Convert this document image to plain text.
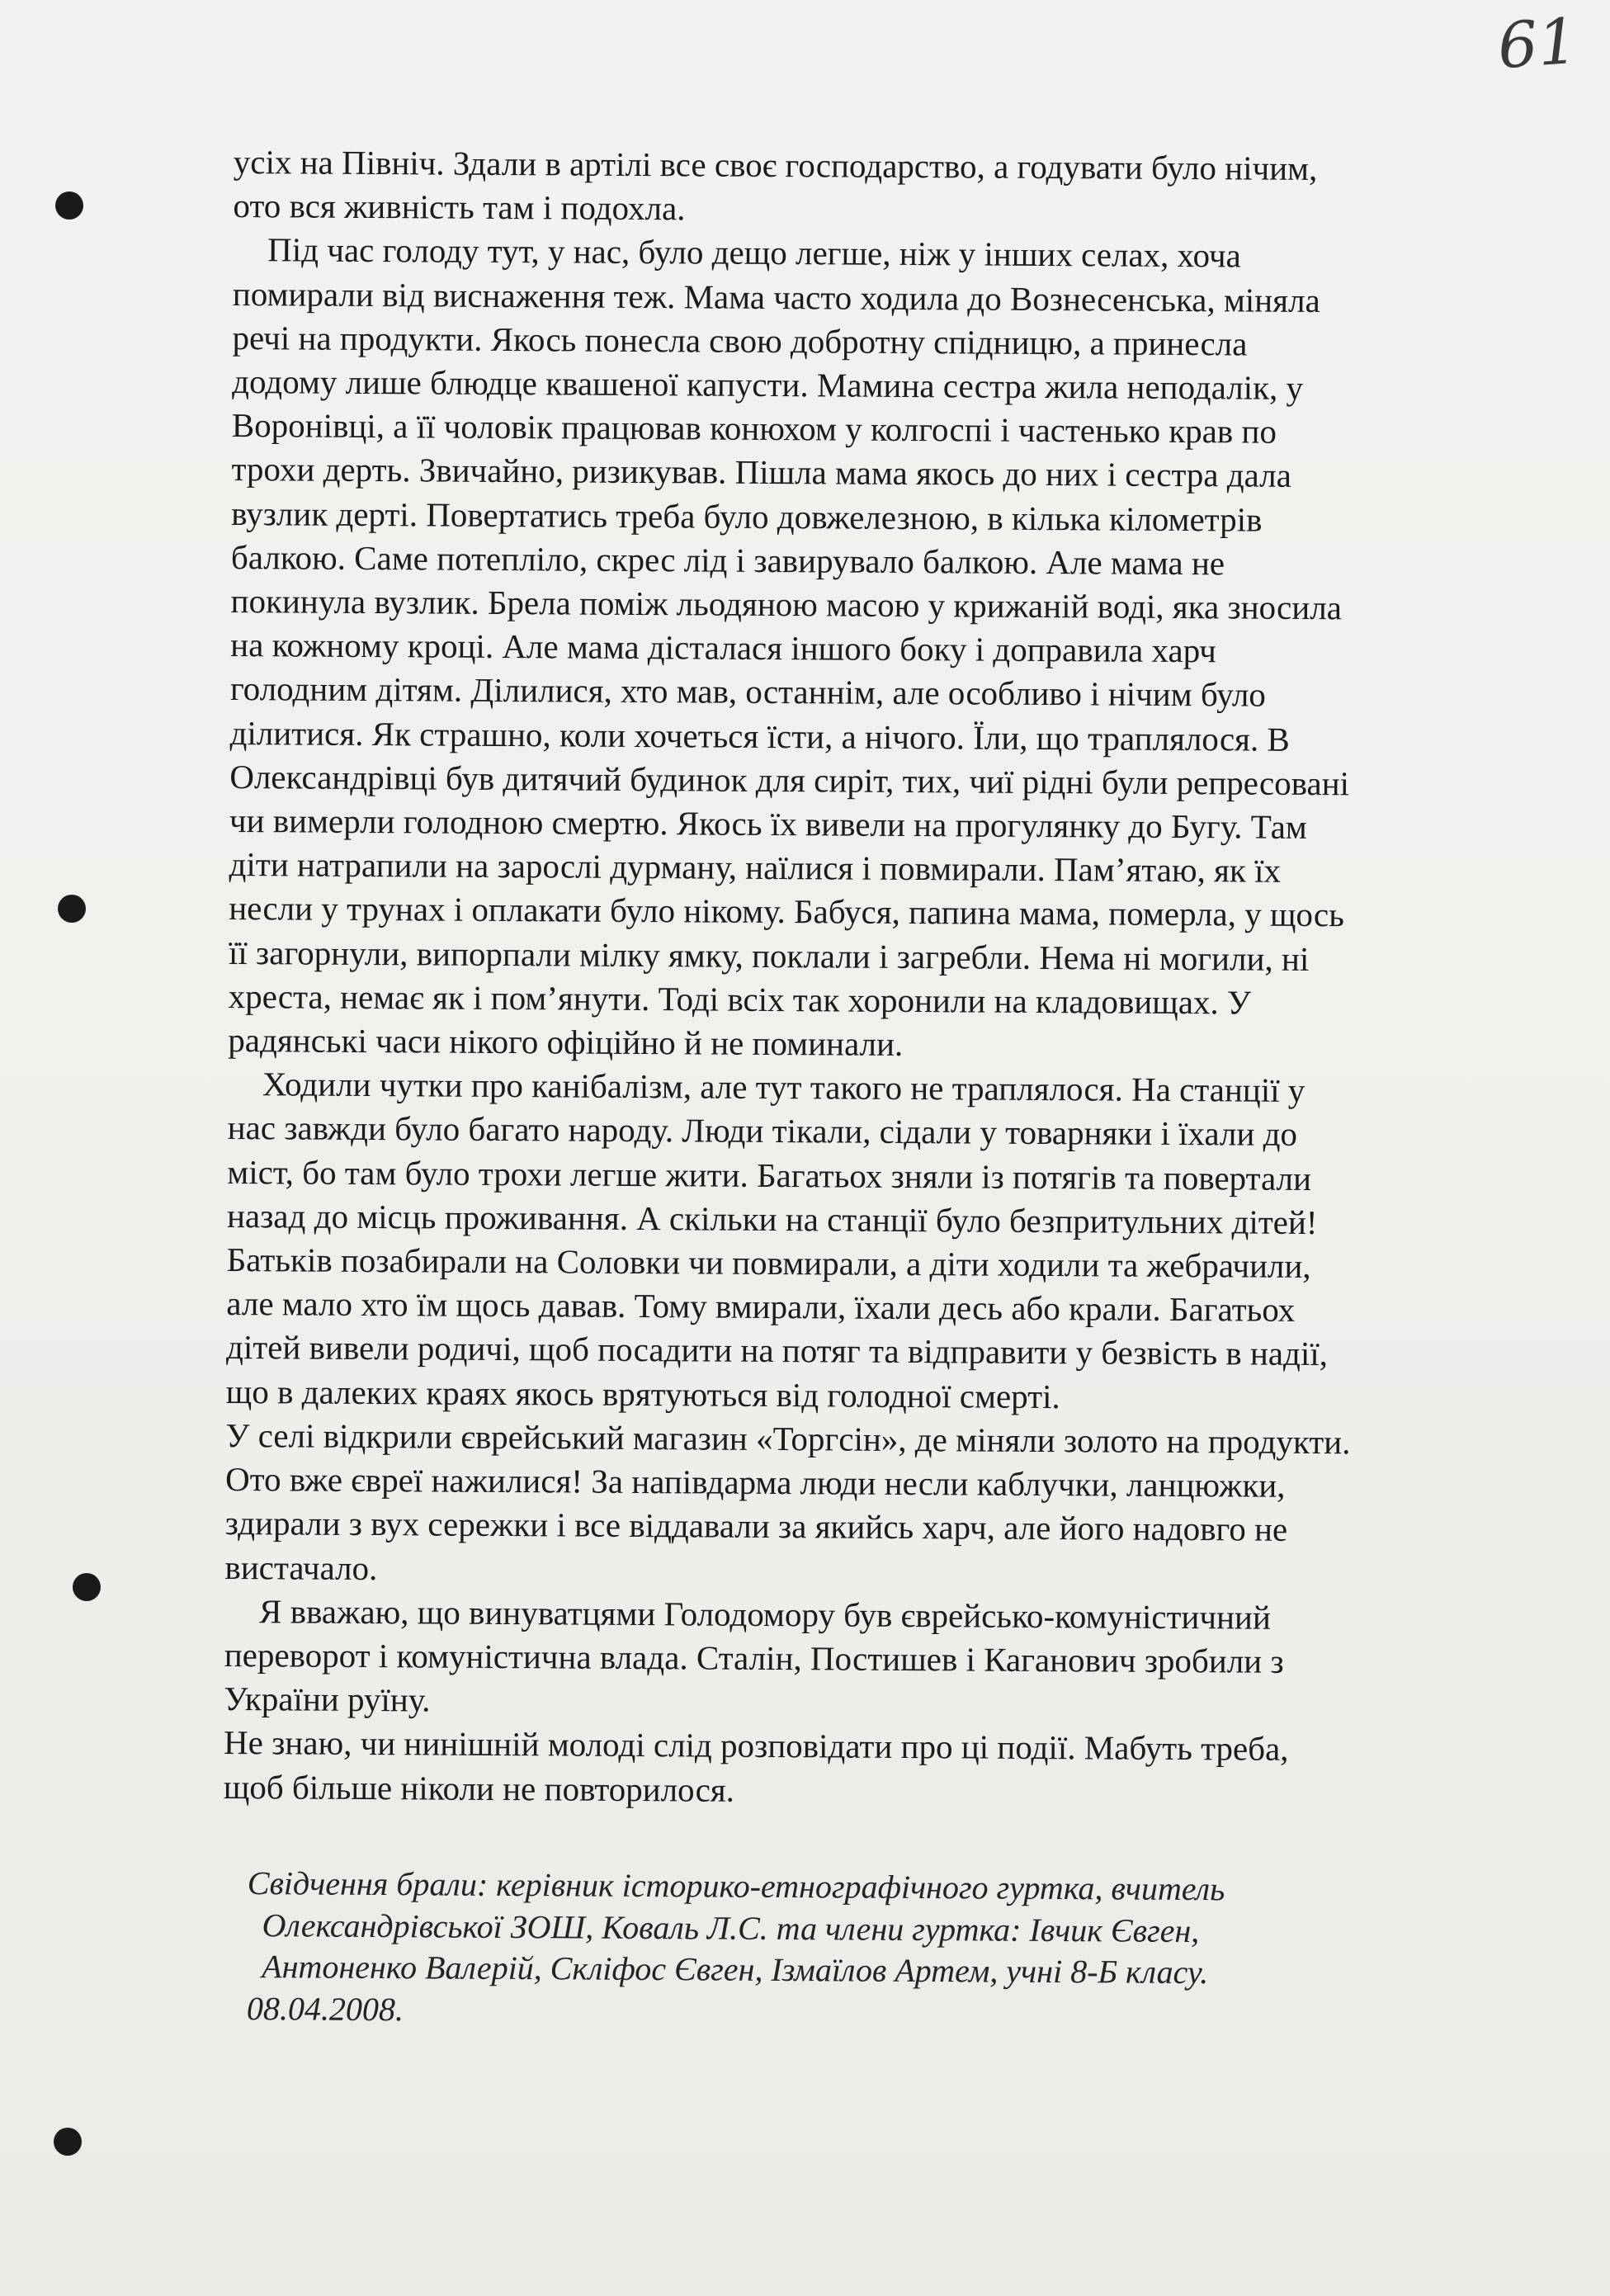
61
усіх на Північ. Здали в артілі все своє господарство, а годувати було нічим,
ото вся живність там і подохла.
Під час голоду тут, у нас, було дещо легше, ніж у інших селах, хоча
помирали від виснаження теж. Мама часто ходила до Вознесенська, міняла
речі на продукти. Якось понесла свою добротну спідницю, а принесла
додому лише блюдце квашеної капусти. Мамина сестра жила неподалік, у
Воронівці, а її чоловік працював конюхом у колгоспі і частенько крав по
трохи дерть. Звичайно, ризикував. Пішла мама якось до них і сестра дала
вузлик дерті. Повертатись треба було довжелезною, в кілька кілометрів
балкою. Саме потепліло, скрес лід і завирувало балкою. Але мама не
покинула вузлик. Брела поміж льодяною масою у крижаній воді, яка зносила
на кожному кроці. Але мама дісталася іншого боку і доправила харч
голодним дітям. Ділилися, хто мав, останнім, але особливо і нічим було
ділитися. Як страшно, коли хочеться їсти, а нічого. Їли, що траплялося. В
Олександрівці був дитячий будинок для сиріт, тих, чиї рідні були репресовані
чи вимерли голодною смертю. Якось їх вивели на прогулянку до Бугу. Там
діти натрапили на зарослі дурману, наїлися і повмирали. Пам’ятаю, як їх
несли у трунах і оплакати було нікому. Бабуся, папина мама, померла, у щось
її загорнули, випорпали мілку ямку, поклали і загребли. Нема ні могили, ні
хреста, немає як і пом’янути. Тоді всіх так хоронили на кладовищах. У
радянські часи нікого офіційно й не поминали.
Ходили чутки про канібалізм, але тут такого не траплялося. На станції у
нас завжди було багато народу. Люди тікали, сідали у товарняки і їхали до
міст, бо там було трохи легше жити. Багатьох зняли із потягів та повертали
назад до місць проживання. А скільки на станції було безпритульних дітей!
Батьків позабирали на Соловки чи повмирали, а діти ходили та жебрачили,
але мало хто їм щось давав. Тому вмирали, їхали десь або крали. Багатьох
дітей вивели родичі, щоб посадити на потяг та відправити у безвість в надії,
що в далеких краях якось врятуються від голодної смерті.
У селі відкрили єврейський магазин «Торгсін», де міняли золото на продукти.
Ото вже євреї нажилися! За напівдарма люди несли каблучки, ланцюжки,
здирали з вух сережки і все віддавали за якийсь харч, але його надовго не
вистачало.
Я вважаю, що винуватцями Голодомору був єврейсько-комуністичний
переворот і комуністична влада. Сталін, Постишев і Каганович зробили з
України руїну.
Не знаю, чи нинішній молоді слід розповідати про ці події. Мабуть треба,
щоб більше ніколи не повторилося.
Свідчення брали: керівник історико-етнографічного гуртка, вчитель
Олександрівської ЗОШ, Коваль Л.С. та члени гуртка: Івчик Євген,
Антоненко Валерій, Скліфос Євген, Ізмаїлов Артем, учні 8-Б класу.
08.04.2008.
